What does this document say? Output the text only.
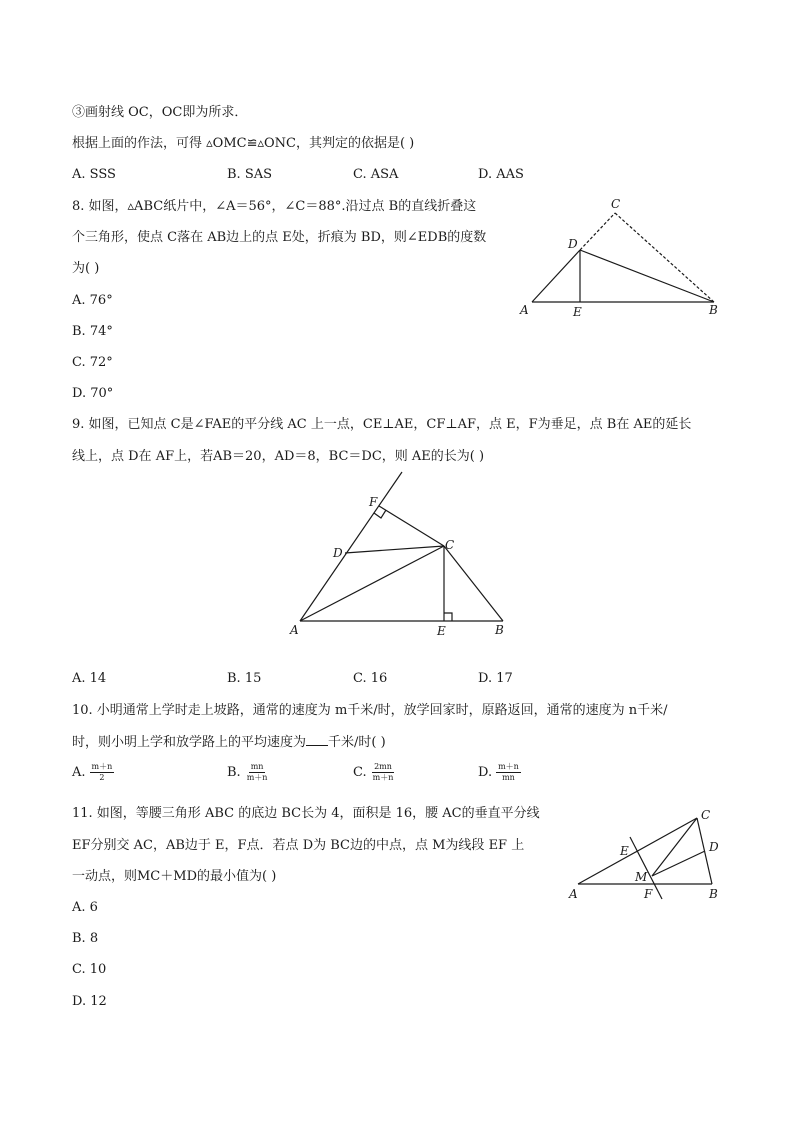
③画射线 OC，OC即为所求．
根据上面的作法，可得 ▵OMC≌▵ONC，其判定的依据是( )
A. SSS	B. SAS	C. ASA	D. AAS
8. 如图，▵ABC纸片中，∠A＝56°，∠C＝88°.沿过点 B的直线折叠这
个三角形，使点 C落在 AB边上的点 E处，折痕为 BD，则∠EDB的度数
为( )
A. 76°
B. 74°
C. 72°
D. 70°
A	E	B
D
C
9. 如图，已知点 C是∠FAE的平分线 AC 上一点，CE⊥AE，CF⊥AF，点 E，F为垂足，点 B在 AE的延长
线上，点 D在 AF上，若AB＝20，AD＝8，BC＝DC，则 AE的长为( )
A	E	B
C
D
F
A. 14	B. 15	C. 16	D. 17
10. 小明通常上学时走上坡路，通常的速度为 m千米/时，放学回家时，原路返回，通常的速度为 n千米/
时，则小明上学和放学路上的平均速度为 千米/时( )
A. $\frac{m+n}{2}$	B. $\frac{mn}{m+n}$	C. $\frac{2mn}{m+n}$	D. $\frac{m+n}{mn}$
11. 如图，等腰三角形 ABC 的底边 BC长为 4，面积是 16，腰 AC的垂直平分线
EF分别交 AC，AB边于 E，F点．若点 D为 BC边的中点，点 M为线段 EF 上
一动点，则MC＋MD的最小值为( )
A. 6
B. 8
C. 10
D. 12
A	F	B
C
D
E
M
